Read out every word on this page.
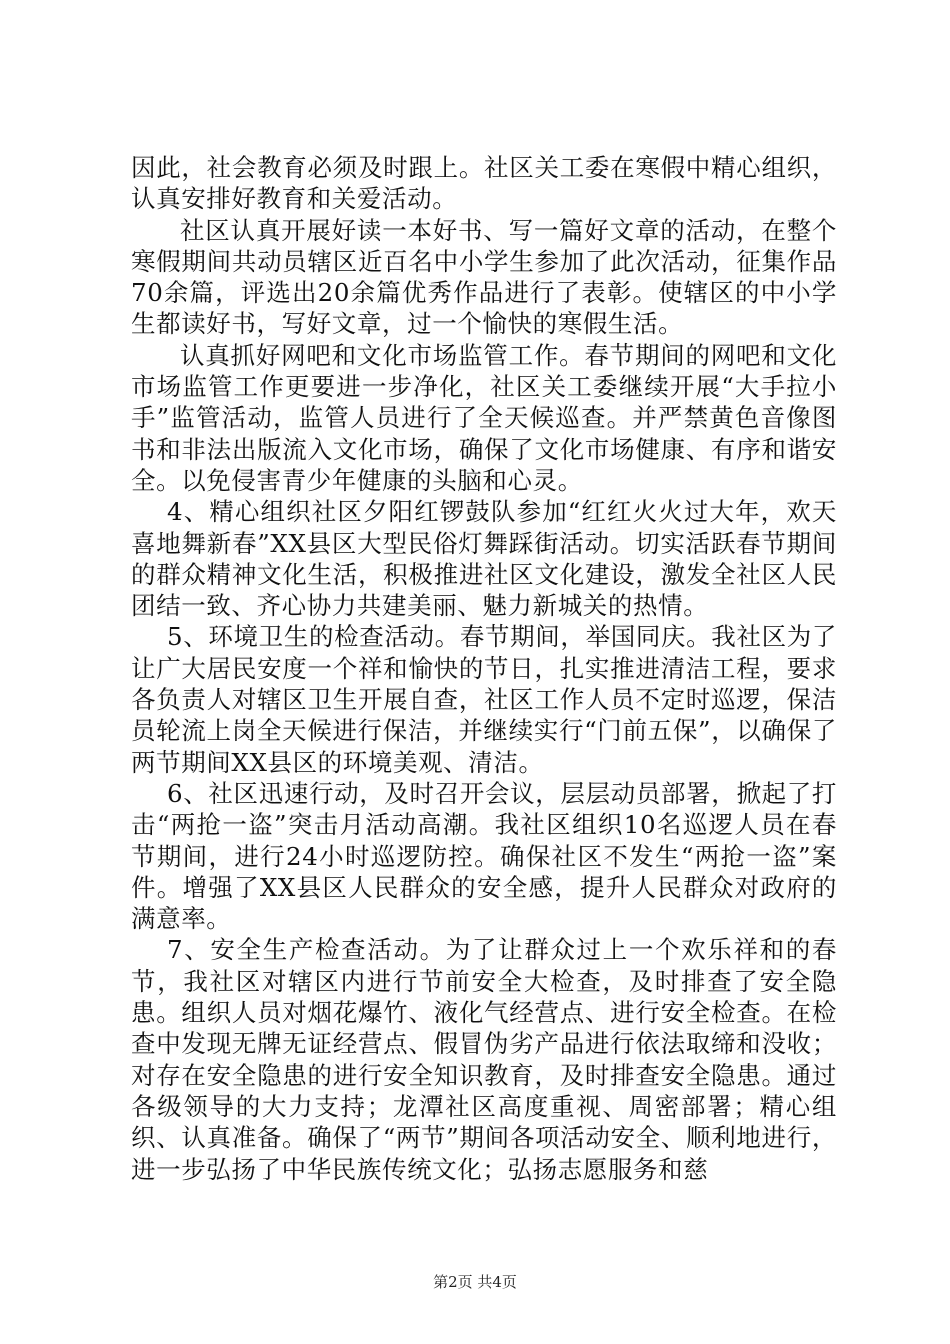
因此，社会教育必须及时跟上。社区关工委在寒假中精心组织，认真安排好教育和关爱活动。

社区认真开展好读一本好书、写一篇好文章的活动，在整个寒假期间共动员辖区近百名中小学生参加了此次活动，征集作品70余篇，评选出20余篇优秀作品进行了表彰。使辖区的中小学生都读好书，写好文章，过一个愉快的寒假生活。

认真抓好网吧和文化市场监管工作。春节期间的网吧和文化市场监管工作更要进一步净化，社区关工委继续开展“大手拉小手”监管活动，监管人员进行了全天候巡查。并严禁黄色音像图书和非法出版流入文化市场，确保了文化市场健康、有序和谐安全。以免侵害青少年健康的头脑和心灵。

4、精心组织社区夕阳红锣鼓队参加“红红火火过大年，欢天喜地舞新春”XX县区大型民俗灯舞踩街活动。切实活跃春节期间的群众精神文化生活，积极推进社区文化建设，激发全社区人民团结一致、齐心协力共建美丽、魅力新城关的热情。

5、环境卫生的检查活动。春节期间，举国同庆。我社区为了让广大居民安度一个祥和愉快的节日，扎实推进清洁工程，要求各负责人对辖区卫生开展自查，社区工作人员不定时巡逻，保洁员轮流上岗全天候进行保洁，并继续实行“门前五保”，以确保了两节期间XX县区的环境美观、清洁。

6、社区迅速行动，及时召开会议，层层动员部署，掀起了打击“两抢一盗”突击月活动高潮。我社区组织10名巡逻人员在春节期间，进行24小时巡逻防控。确保社区不发生“两抢一盗”案件。增强了XX县区人民群众的安全感，提升人民群众对政府的满意率。

7、安全生产检查活动。为了让群众过上一个欢乐祥和的春节，我社区对辖区内进行节前安全大检查，及时排查了安全隐患。组织人员对烟花爆竹、液化气经营点、进行安全检查。在检查中发现无牌无证经营点、假冒伪劣产品进行依法取缔和没收；对存在安全隐患的进行安全知识教育，及时排查安全隐患。通过各级领导的大力支持；龙潭社区高度重视、周密部署；精心组织、认真准备。确保了“两节”期间各项活动安全、顺利地进行，进一步弘扬了中华民族传统文化；弘扬志愿服务和慈

第2页 共4页
